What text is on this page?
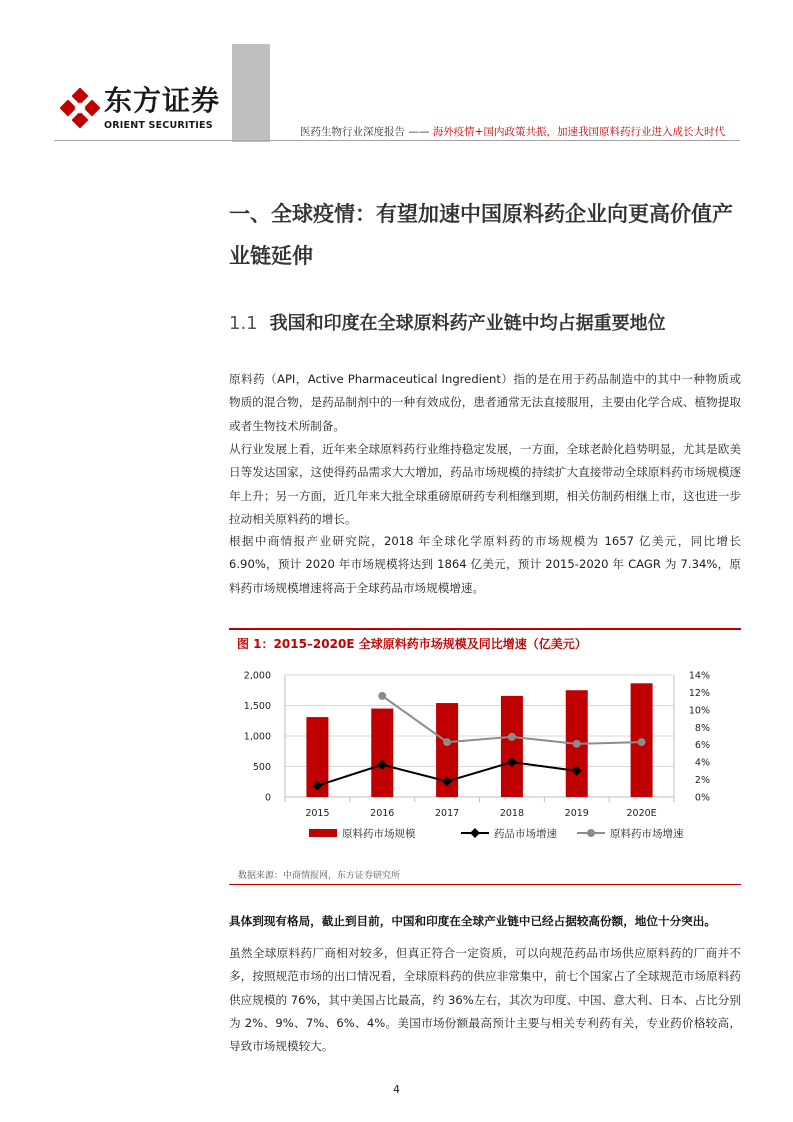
东方证券
ORIENT SECURITIES
医药生物行业深度报告 —— 海外疫情+国内政策共振，加速我国原料药行业进入成长大时代
一、全球疫情：有望加速中国原料药企业向更高价值产业链延伸
1.1 我国和印度在全球原料药产业链中均占据重要地位

原料药（API，Active Pharmaceutical Ingredient）指的是在用于药品制造中的其中一种物质或物质的混合物，是药品制剂中的一种有效成份，患者通常无法直接服用，主要由化学合成、植物提取或者生物技术所制备。

从行业发展上看，近年来全球原料药行业维持稳定发展，一方面，全球老龄化趋势明显，尤其是欧美日等发达国家，这使得药品需求大大增加，药品市场规模的持续扩大直接带动全球原料药市场规模逐年上升；另一方面，近几年来大批全球重磅原研药专利相继到期，相关仿制药相继上市，这也进一步拉动相关原料药的增长。

根据中商情报产业研究院，2018 年全球化学原料药的市场规模为 1657 亿美元，同比增长 6.90%，预计 2020 年市场规模将达到 1864 亿美元，预计 2015-2020 年 CAGR 为 7.34%，原料药市场规模增速将高于全球药品市场规模增速。

图 1：2015–2020E 全球原料药市场规模及同比增速（亿美元）
0
500
1,000
1,500
2,000
0%
2%
4%
6%
8%
10%
12%
14%
2015	2016	2017	2018	2019	2020E
原料药市场规模	药品市场增速	原料药市场增速
数据来源：中商情报网，东方证券研究所

具体到现有格局，截止到目前，中国和印度在全球产业链中已经占据较高份额，地位十分突出。

虽然全球原料药厂商相对较多，但真正符合一定资质，可以向规范药品市场供应原料药的厂商并不多，按照规范市场的出口情况看，全球原料药的供应非常集中，前七个国家占了全球规范市场原料药供应规模的 76%，其中美国占比最高，约 36%左右，其次为印度、中国、意大利、日本、占比分别为 2%、9%、7%、6%、4%。美国市场份额最高预计主要与相关专利药有关，专业药价格较高，导致市场规模较大。

4
